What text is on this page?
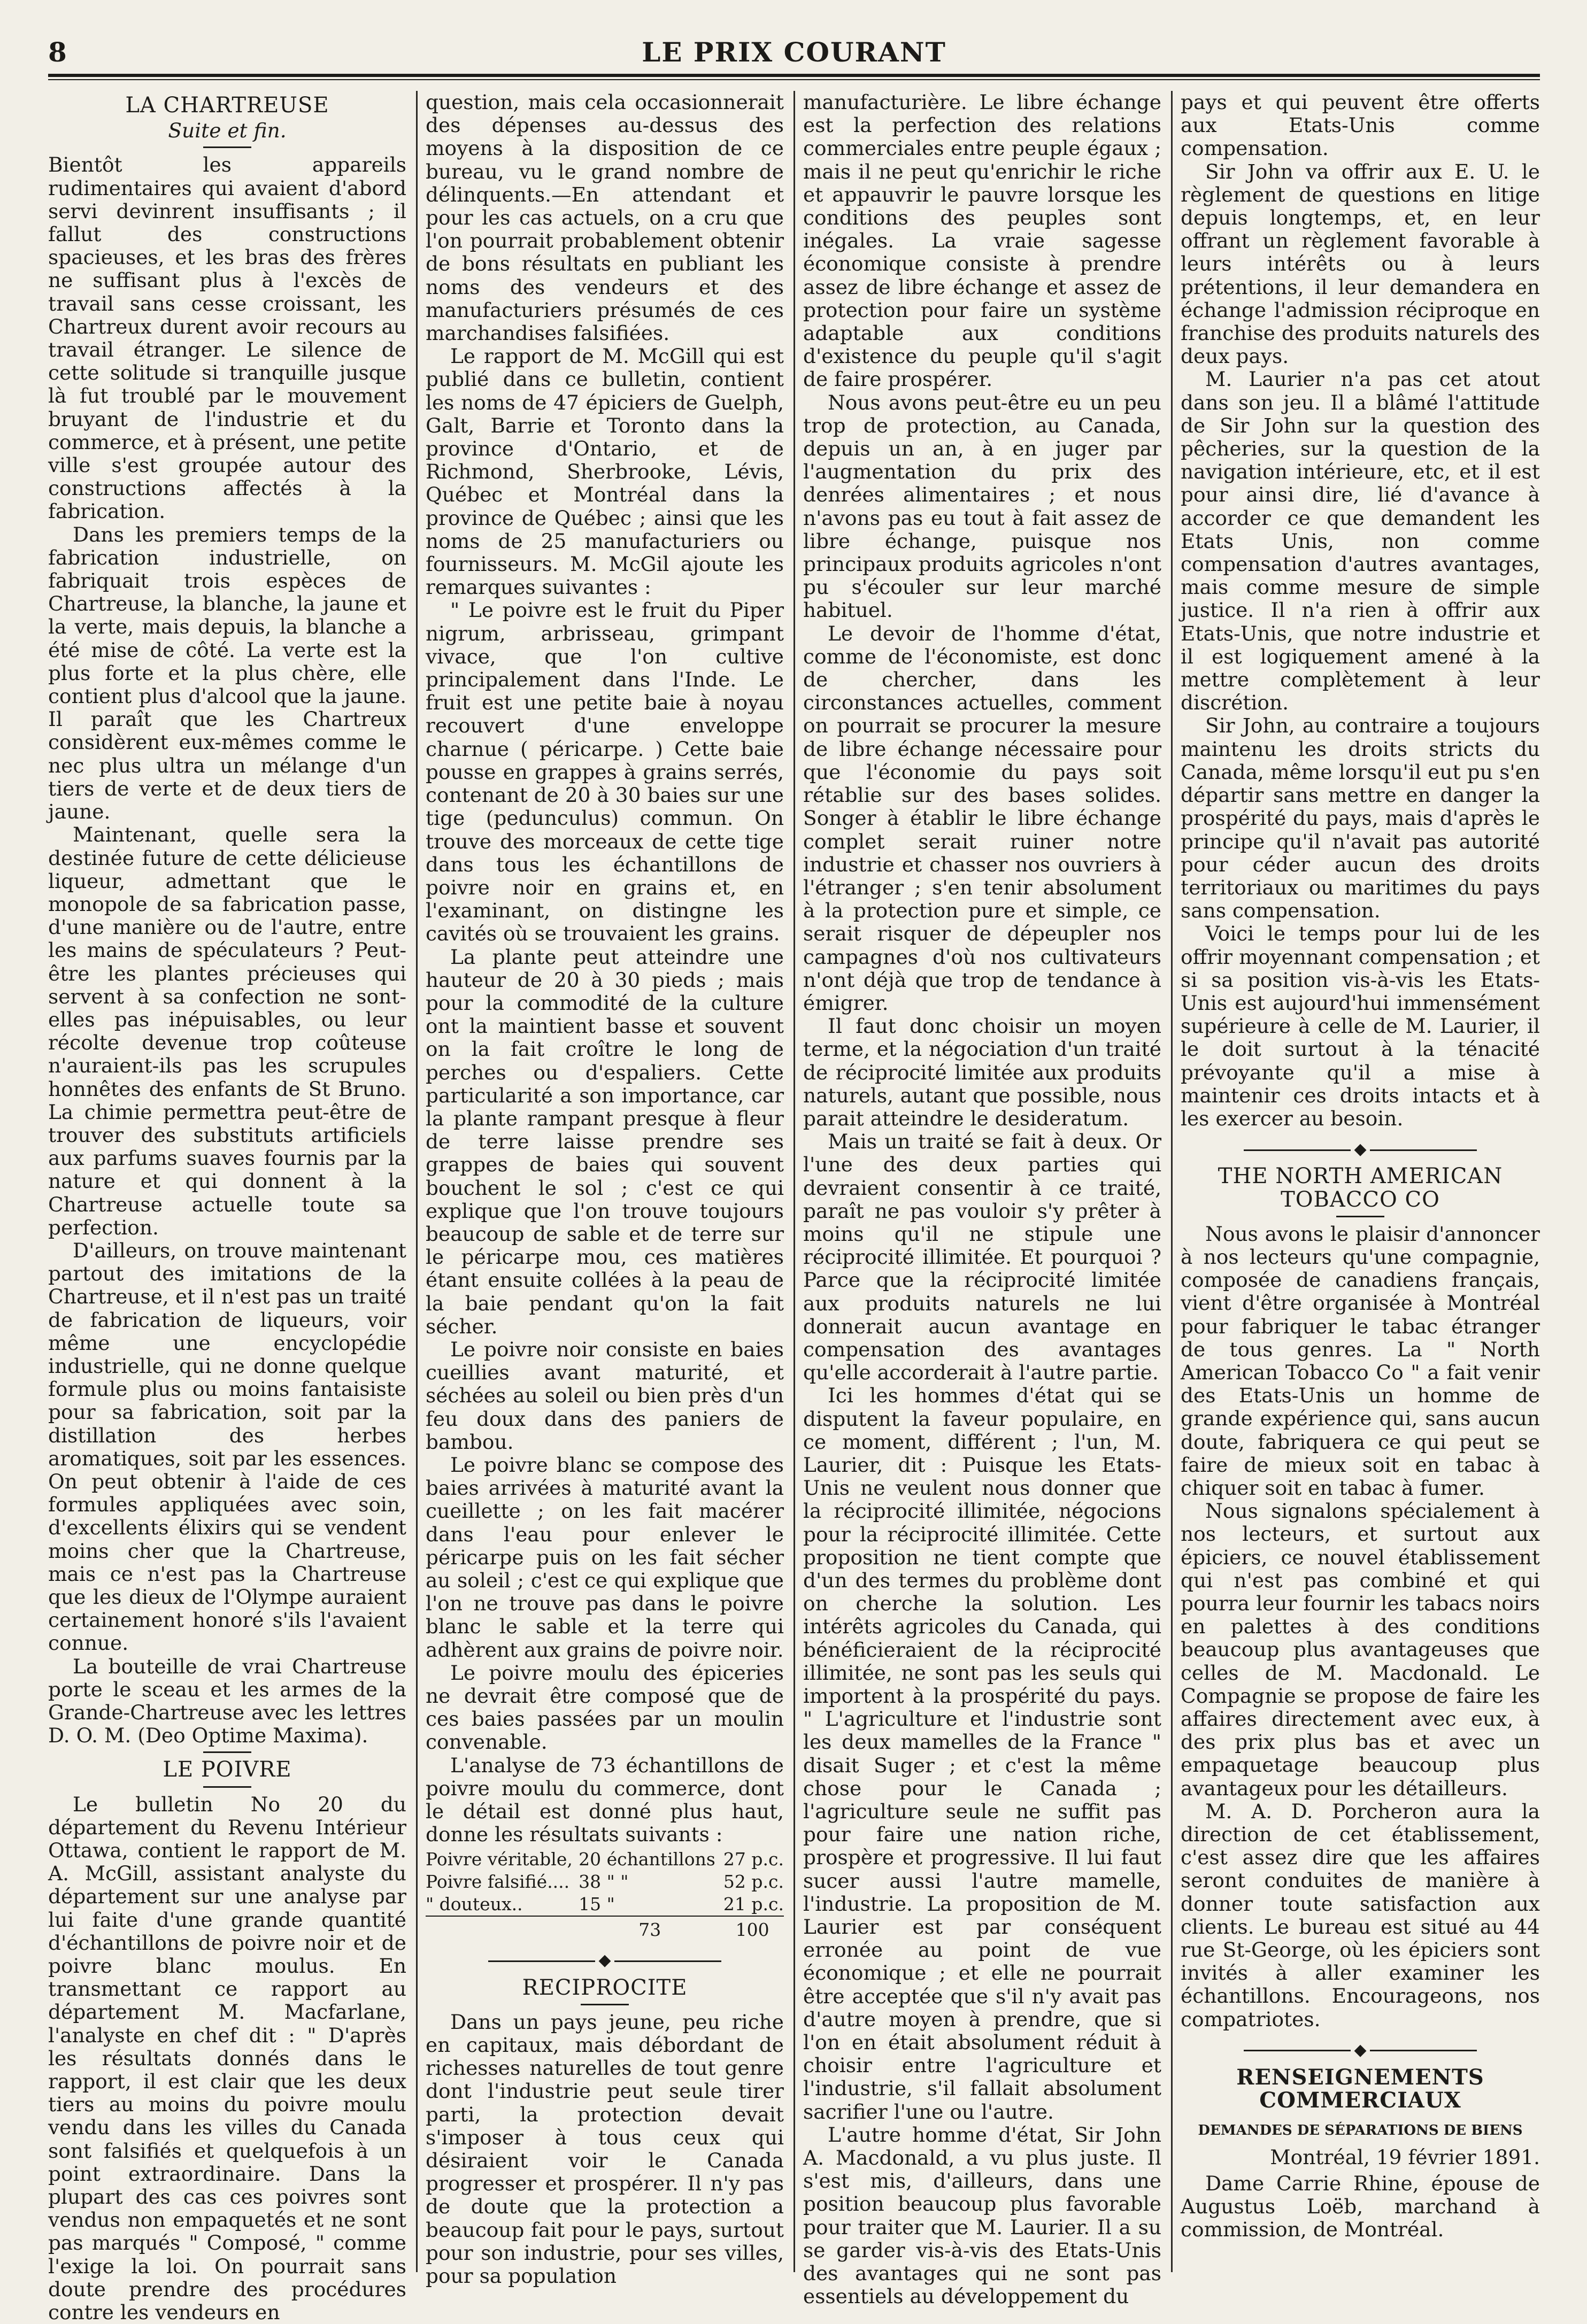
8	LE PRIX COURANT
LA CHARTREUSE
Suite et fin.

Bientôt les appareils rudimentaires qui avaient d'abord servi devinrent insuffisants ; il fallut des constructions spacieuses, et les bras des frères ne suffisant plus à l'excès de travail sans cesse croissant, les Chartreux durent avoir recours au travail étranger. Le silence de cette solitude si tranquille jusque là fut troublé par le mouvement bruyant de l'industrie et du commerce, et à présent, une petite ville s'est groupée autour des constructions affectés à la fabrication.

Dans les premiers temps de la fabrication industrielle, on fabriquait trois espèces de Chartreuse, la blanche, la jaune et la verte, mais depuis, la blanche a été mise de côté. La verte est la plus forte et la plus chère, elle contient plus d'alcool que la jaune. Il paraît que les Chartreux considèrent eux-mêmes comme le nec plus ultra un mélange d'un tiers de verte et de deux tiers de jaune.

Maintenant, quelle sera la destinée future de cette délicieuse liqueur, admettant que le monopole de sa fabrication passe, d'une manière ou de l'autre, entre les mains de spéculateurs ? Peut-être les plantes précieuses qui servent à sa confection ne sont-elles pas inépuisables, ou leur récolte devenue trop coûteuse n'auraient-ils pas les scrupules honnêtes des enfants de St Bruno. La chimie permettra peut-être de trouver des substituts artificiels aux parfums suaves fournis par la nature et qui donnent à la Chartreuse actuelle toute sa perfection.

D'ailleurs, on trouve maintenant partout des imitations de la Chartreuse, et il n'est pas un traité de fabrication de liqueurs, voir même une encyclopédie industrielle, qui ne donne quelque formule plus ou moins fantaisiste pour sa fabrication, soit par la distillation des herbes aromatiques, soit par les essences. On peut obtenir à l'aide de ces formules appliquées avec soin, d'excellents élixirs qui se vendent moins cher que la Chartreuse, mais ce n'est pas la Chartreuse que les dieux de l'Olympe auraient certainement honoré s'ils l'avaient connue.

La bouteille de vrai Chartreuse porte le sceau et les armes de la Grande-Chartreuse avec les lettres D. O. M. (Deo Optime Maxima).

LE POIVRE

Le bulletin No 20 du département du Revenu Intérieur Ottawa, contient le rapport de M. A. McGill, assistant analyste du département sur une analyse par lui faite d'une grande quantité d'échantillons de poivre noir et de poivre blanc moulus. En transmettant ce rapport au département M. Macfarlane, l'analyste en chef dit : " D'après les résultats donnés dans le rapport, il est clair que les deux tiers au moins du poivre moulu vendu dans les villes du Canada sont falsifiés et quelquefois à un point extraordinaire. Dans la plupart des cas ces poivres sont vendus non empaquetés et ne sont pas marqués " Composé, " comme l'exige la loi. On pourrait sans doute prendre des procédures contre les vendeurs en

question, mais cela occasionnerait des dépenses au-dessus des moyens à la disposition de ce bureau, vu le grand nombre de délinquents.—En attendant et pour les cas actuels, on a cru que l'on pourrait probablement obtenir de bons résultats en publiant les noms des vendeurs et des manufacturiers présumés de ces marchandises falsifiées.

Le rapport de M. McGill qui est publié dans ce bulletin, contient les noms de 47 épiciers de Guelph, Galt, Barrie et Toronto dans la province d'Ontario, et de Richmond, Sherbrooke, Lévis, Québec et Montréal dans la province de Québec ; ainsi que les noms de 25 manufacturiers ou fournisseurs. M. McGil ajoute les remarques suivantes :

" Le poivre est le fruit du Piper nigrum, arbrisseau, grimpant vivace, que l'on cultive principalement dans l'Inde. Le fruit est une petite baie à noyau recouvert d'une enveloppe charnue ( péricarpe. ) Cette baie pousse en grappes à grains serrés, contenant de 20 à 30 baies sur une tige (pedunculus) commun. On trouve des morceaux de cette tige dans tous les échantillons de poivre noir en grains et, en l'examinant, on distingne les cavités où se trouvaient les grains.

La plante peut atteindre une hauteur de 20 à 30 pieds ; mais pour la commodité de la culture ont la maintient basse et souvent on la fait croître le long de perches ou d'espaliers. Cette particularité a son importance, car la plante rampant presque à fleur de terre laisse prendre ses grappes de baies qui souvent bouchent le sol ; c'est ce qui explique que l'on trouve toujours beaucoup de sable et de terre sur le péricarpe mou, ces matières étant ensuite collées à la peau de la baie pendant qu'on la fait sécher.

Le poivre noir consiste en baies cueillies avant maturité, et séchées au soleil ou bien près d'un feu doux dans des paniers de bambou.

Le poivre blanc se compose des baies arrivées à maturité avant la cueillette ; on les fait macérer dans l'eau pour enlever le péricarpe puis on les fait sécher au soleil ; c'est ce qui explique que l'on ne trouve pas dans le poivre blanc le sable et la terre qui adhèrent aux grains de poivre noir.

Le poivre moulu des épiceries ne devrait être composé que de ces baies passées par un moulin convenable.

L'analyse de 73 échantillons de poivre moulu du commerce, dont le détail est donné plus haut, donne les résultats suivants :

Poivre véritable,	20 échantillons	27 p.c.
Poivre falsifié....	38 " "	52 p.c.
" douteux..	15 "	21 p.c.
	73	100
◆
RECIPROCITE

Dans un pays jeune, peu riche en capitaux, mais débordant de richesses naturelles de tout genre dont l'industrie peut seule tirer parti, la protection devait s'imposer à tous ceux qui désiraient voir le Canada progresser et prospérer. Il n'y pas de doute que la protection a beaucoup fait pour le pays, surtout pour son industrie, pour ses villes, pour sa population

manufacturière. Le libre échange est la perfection des relations commerciales entre peuple égaux ; mais il ne peut qu'enrichir le riche et appauvrir le pauvre lorsque les conditions des peuples sont inégales. La vraie sagesse économique consiste à prendre assez de libre échange et assez de protection pour faire un système adaptable aux conditions d'existence du peuple qu'il s'agit de faire prospérer.

Nous avons peut-être eu un peu trop de protection, au Canada, depuis un an, à en juger par l'augmentation du prix des denrées alimentaires ; et nous n'avons pas eu tout à fait assez de libre échange, puisque nos principaux produits agricoles n'ont pu s'écouler sur leur marché habituel.

Le devoir de l'homme d'état, comme de l'économiste, est donc de chercher, dans les circonstances actuelles, comment on pourrait se procurer la mesure de libre échange nécessaire pour que l'économie du pays soit rétablie sur des bases solides. Songer à établir le libre échange complet serait ruiner notre industrie et chasser nos ouvriers à l'étranger ; s'en tenir absolument à la protection pure et simple, ce serait risquer de dépeupler nos campagnes d'où nos cultivateurs n'ont déjà que trop de tendance à émigrer.

Il faut donc choisir un moyen terme, et la négociation d'un traité de réciprocité limitée aux produits naturels, autant que possible, nous parait atteindre le desideratum.

Mais un traité se fait à deux. Or l'une des deux parties qui devraient consentir à ce traité, paraît ne pas vouloir s'y prêter à moins qu'il ne stipule une réciprocité illimitée. Et pourquoi ? Parce que la réciprocité limitée aux produits naturels ne lui donnerait aucun avantage en compensation des avantages qu'elle accorderait à l'autre partie.

Ici les hommes d'état qui se disputent la faveur populaire, en ce moment, différent ; l'un, M. Laurier, dit : Puisque les Etats-Unis ne veulent nous donner que la réciprocité illimitée, négocions pour la réciprocité illimitée. Cette proposition ne tient compte que d'un des termes du problème dont on cherche la solution. Les intérêts agricoles du Canada, qui bénéficieraient de la réciprocité illimitée, ne sont pas les seuls qui importent à la prospérité du pays. " L'agriculture et l'industrie sont les deux mamelles de la France " disait Suger ; et c'est la même chose pour le Canada ; l'agriculture seule ne suffit pas pour faire une nation riche, prospère et progressive. Il lui faut sucer aussi l'autre mamelle, l'industrie. La proposition de M. Laurier est par conséquent erronée au point de vue économique ; et elle ne pourrait être acceptée que s'il n'y avait pas d'autre moyen à prendre, que si l'on en était absolument réduit à choisir entre l'agriculture et l'industrie, s'il fallait absolument sacrifier l'une ou l'autre.

L'autre homme d'état, Sir John A. Macdonald, a vu plus juste. Il s'est mis, d'ailleurs, dans une position beaucoup plus favorable pour traiter que M. Laurier. Il a su se garder vis-à-vis des Etats-Unis des avantages qui ne sont pas essentiels au développement du

pays et qui peuvent être offerts aux Etats-Unis comme compensation.

Sir John va offrir aux E. U. le règlement de questions en litige depuis longtemps, et, en leur offrant un règlement favorable à leurs intérêts ou à leurs prétentions, il leur demandera en échange l'admission réciproque en franchise des produits naturels des deux pays.

M. Laurier n'a pas cet atout dans son jeu. Il a blâmé l'attitude de Sir John sur la question des pêcheries, sur la question de la navigation intérieure, etc, et il est pour ainsi dire, lié d'avance à accorder ce que demandent les Etats Unis, non comme compensation d'autres avantages, mais comme mesure de simple justice. Il n'a rien à offrir aux Etats-Unis, que notre industrie et il est logiquement amené à la mettre complètement à leur discrétion.

Sir John, au contraire a toujours maintenu les droits stricts du Canada, même lorsqu'il eut pu s'en départir sans mettre en danger la prospérité du pays, mais d'après le principe qu'il n'avait pas autorité pour céder aucun des droits territoriaux ou maritimes du pays sans compensation.

Voici le temps pour lui de les offrir moyennant compensation ; et si sa position vis-à-vis les Etats-Unis est aujourd'hui immensément supérieure à celle de M. Laurier, il le doit surtout à la ténacité prévoyante qu'il a mise à maintenir ces droits intacts et à les exercer au besoin.

◆
THE NORTH AMERICAN TOBACCO CO

Nous avons le plaisir d'annoncer à nos lecteurs qu'une compagnie, composée de canadiens français, vient d'être organisée à Montréal pour fabriquer le tabac étranger de tous genres. La " North American Tobacco Co " a fait venir des Etats-Unis un homme de grande expérience qui, sans aucun doute, fabriquera ce qui peut se faire de mieux soit en tabac à chiquer soit en tabac à fumer.

Nous signalons spécialement à nos lecteurs, et surtout aux épiciers, ce nouvel établissement qui n'est pas combiné et qui pourra leur fournir les tabacs noirs en palettes à des conditions beaucoup plus avantageuses que celles de M. Macdonald. Le Compagnie se propose de faire les affaires directement avec eux, à des prix plus bas et avec un empaquetage beaucoup plus avantageux pour les détailleurs.

M. A. D. Porcheron aura la direction de cet établissement, c'est assez dire que les affaires seront conduites de manière à donner toute satisfaction aux clients. Le bureau est situé au 44 rue St-George, où les épiciers sont invités à aller examiner les échantillons. Encourageons, nos compatriotes.

◆
RENSEIGNEMENTS COMMERCIAUX
DEMANDES DE SÉPARATIONS DE BIENS
Montréal, 19 février 1891.

Dame Carrie Rhine, épouse de Augustus Loëb, marchand à commission, de Montréal.
